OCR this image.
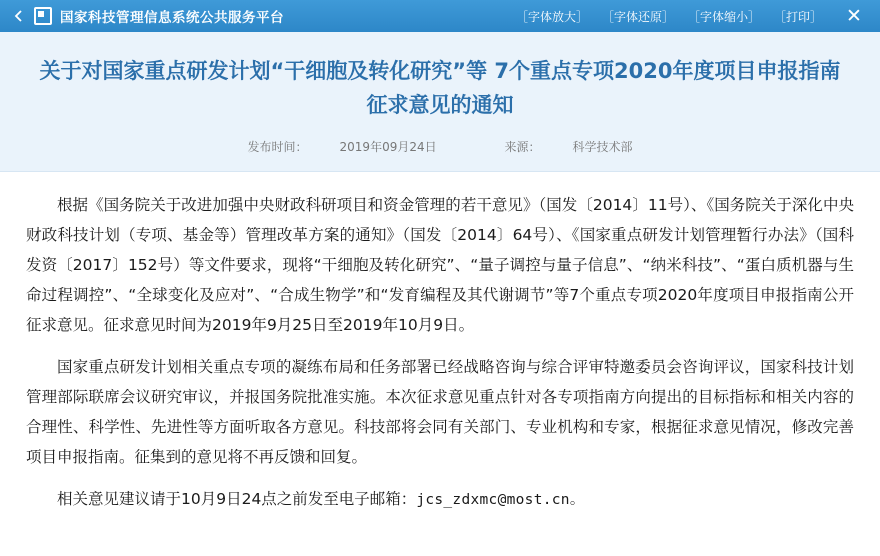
国家科技管理信息系统公共服务平台	［字体放大］ ［字体还原］ ［字体缩小］ ［打印］ ✕
关于对国家重点研发计划“干细胞及转化研究”等 7个重点专项2020年度项目申报指南 征求意见的通知
发布时间：	2019年09月24日	来源：	科学技术部

根据《国务院关于改进加强中央财政科研项目和资金管理的若干意见》（国发〔2014〕11号）、《国务院关于深化中央财政科技计划（专项、基金等）管理改革方案的通知》（国发〔2014〕64号）、《国家重点研发计划管理暂行办法》（国科发资〔2017〕152号）等文件要求，现将“干细胞及转化研究”、“量子调控与量子信息”、“纳米科技”、“蛋白质机器与生命过程调控”、“全球变化及应对”、“合成生物学”和“发育编程及其代谢调节”等7个重点专项2020年度项目申报指南公开征求意见。征求意见时间为2019年9月25日至2019年10月9日。

国家重点研发计划相关重点专项的凝练布局和任务部署已经战略咨询与综合评审特邀委员会咨询评议，国家科技计划管理部际联席会议研究审议，并报国务院批准实施。本次征求意见重点针对各专项指南方向提出的目标指标和相关内容的合理性、科学性、先进性等方面听取各方意见。科技部将会同有关部门、专业机构和专家，根据征求意见情况，修改完善项目申报指南。征集到的意见将不再反馈和回复。

相关意见建议请于10月9日24点之前发至电子邮箱：jcs_zdxmc@most.cn。
